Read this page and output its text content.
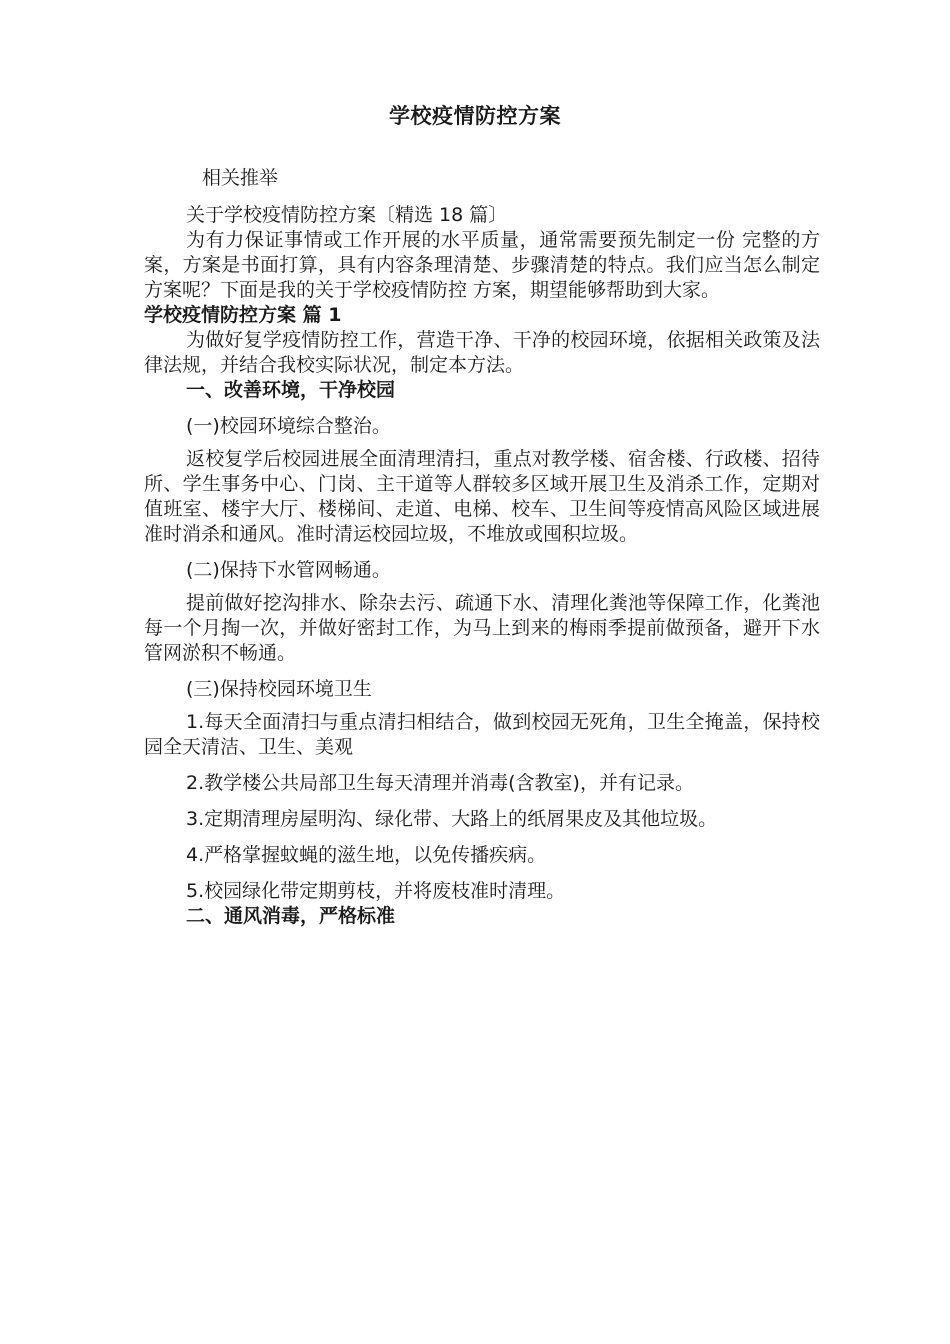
学校疫情防控方案

相关推举

关于学校疫情防控方案〔精选 18 篇〕

为有力保证事情或工作开展的水平质量，通常需要预先制定一份 完整的方案，方案是书面打算，具有内容条理清楚、步骤清楚的特点。我们应当怎么制定方案呢？下面是我的关于学校疫情防控 方案，期望能够帮助到大家。

学校疫情防控方案 篇 1

为做好复学疫情防控工作，营造干净、干净的校园环境，依据相关政策及法律法规，并结合我校实际状况，制定本方法。

一、改善环境，干净校园

(一)校园环境综合整治。

返校复学后校园进展全面清理清扫，重点对教学楼、宿舍楼、行政楼、招待所、学生事务中心、门岗、主干道等人群较多区域开展卫生及消杀工作，定期对值班室、楼宇大厅、楼梯间、走道、电梯、校车、卫生间等疫情高风险区域进展准时消杀和通风。准时清运校园垃圾，不堆放或囤积垃圾。

(二)保持下水管网畅通。

提前做好挖沟排水、除杂去污、疏通下水、清理化粪池等保障工作，化粪池每一个月掏一次，并做好密封工作，为马上到来的梅雨季提前做预备，避开下水管网淤积不畅通。

(三)保持校园环境卫生

1.每天全面清扫与重点清扫相结合，做到校园无死角，卫生全掩盖，保持校园全天清洁、卫生、美观

2.教学楼公共局部卫生每天清理并消毒(含教室)，并有记录。

3.定期清理房屋明沟、绿化带、大路上的纸屑果皮及其他垃圾。

4.严格掌握蚊蝇的滋生地，以免传播疾病。

5.校园绿化带定期剪枝，并将废枝准时清理。

二、通风消毒，严格标准
